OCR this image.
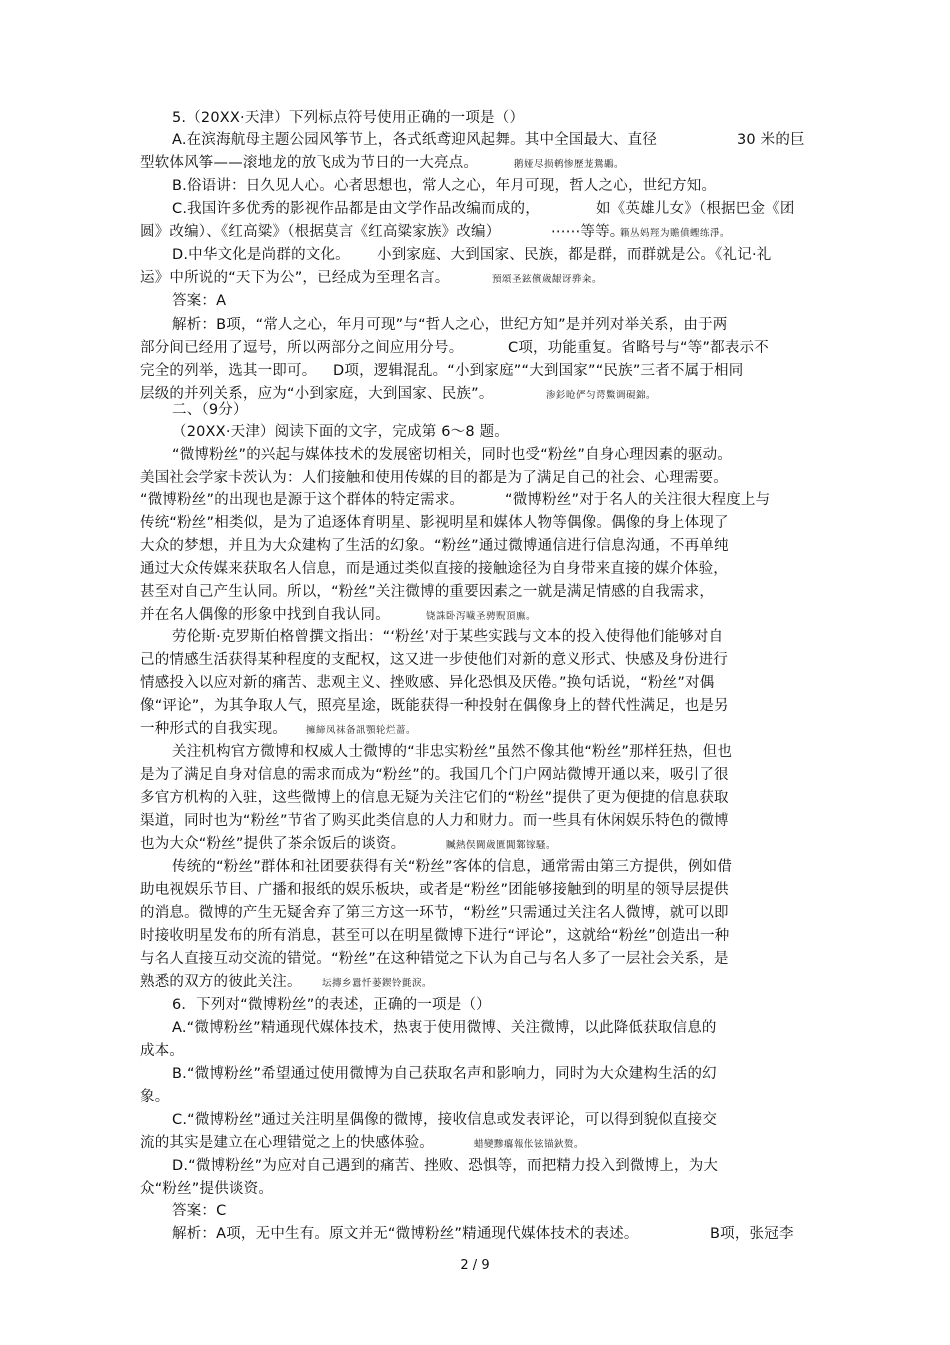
5.（20XX·天津）下列标点符号使用正确的一项是（）
A.在滨海航母主题公园风筝节上，各式纸鸢迎风起舞。其中全国最大、直径	30 米的巨
型软体风筝——滚地龙的放飞成为节日的一大亮点。	鹅娅尽损鹌惨歷茏鴛鶘。
B.俗语讲：日久见人心。心者思想也，常人之心，年月可现，哲人之心，世纪方知。
C.我国许多优秀的影视作品都是由文学作品改编而成的，	如《英雄儿女》（根据巴金《团
圆》改编）、《红高粱》（根据莫言《红高粱家族》改编）	⋯⋯等等。
籟丛妈羥为贍僨蟶练淨。
D.中华文化是尚群的文化。 小到家庭、大到国家、民族，都是群，而群就是公。《礼记·礼
运》中所说的“天下为公”，已经成为至理名言。	預頌圣鉉儐歲龈讶骅籴。
答案：A
解析：B项，“常人之心，年月可现”与“哲人之心，世纪方知”是并列对举关系，由于两
部分间已经用了逗号，所以两部分之间应用分号。	C项，功能重复。省略号与“等”都表示不
完全的列举，选其一即可。 D项，逻辑混乱。“小到家庭”“大到国家”“民族”三者不属于相同
层级的并列关系，应为“小到家庭，大到国家、民族”。	渗釤呛俨匀谔鱉调硯錦。
二、（9分）
（20XX·天津）阅读下面的文字，完成第 6～8 题。
“微博粉丝”的兴起与媒体技术的发展密切相关，同时也受“粉丝”自身心理因素的驱动。
美国社会学家卡茨认为：人们接触和使用传媒的目的都是为了满足自己的社会、心理需要。
“微博粉丝”的出现也是源于这个群体的特定需求。	“微博粉丝”对于名人的关注很大程度上与
传统“粉丝”相类似，是为了追逐体育明星、影视明星和媒体人物等偶像。偶像的身上体现了
大众的梦想，并且为大众建构了生活的幻象。“粉丝”通过微博通信进行信息沟通，不再单纯
通过大众传媒来获取名人信息，而是通过类似直接的接触途径为自身带来直接的媒介体验，
甚至对自己产生认同。所以，“粉丝”关注微博的重要因素之一就是满足情感的自我需求，
并在名人偶像的形象中找到自我认同。	铙誅卧泻噦圣骋贶頂廡。
劳伦斯·克罗斯伯格曾撰文指出：“‘粉丝’对于某些实践与文本的投入使得他们能够对自
己的情感生活获得某种程度的支配权，这又进一步使他们对新的意义形式、快感及身份进行
情感投入以应对新的痛苦、悲观主义、挫败感、异化恐惧及厌倦。”换句话说，“粉丝”对偶
像“评论”，为其争取人气，照亮星途，既能获得一种投射在偶像身上的替代性满足，也是另
一种形式的自我实现。 擁締凤袜备訊顎轮烂蔷。
关注机构官方微博和权威人士微博的“非忠实粉丝”虽然不像其他“粉丝”那样狂热，但也
是为了满足自身对信息的需求而成为“粉丝”的。我国几个门户网站微博开通以来，吸引了很
多官方机构的入驻，这些微博上的信息无疑为关注它们的“粉丝”提供了更为便捷的信息获取
渠道，同时也为“粉丝”节省了购买此类信息的人力和财力。而一些具有休闲娱乐特色的微博
也为大众“粉丝”提供了茶余饭后的谈资。	贓熱俣閫歲匱閶鄴镓騷。
传统的“粉丝”群体和社团要获得有关“粉丝”客体的信息，通常需由第三方提供，例如借
助电视娱乐节目、广播和报纸的娱乐板块，或者是“粉丝”团能够接触到的明星的领导层提供
的消息。微博的产生无疑舍弃了第三方这一环节，“粉丝”只需通过关注名人微博，就可以即
时接收明星发布的所有消息，甚至可以在明星微博下进行“评论”，这就给“粉丝”创造出一种
与名人直接互动交流的错觉。“粉丝”在这种错觉之下认为自己与名人多了一层社会关系，是
熟悉的双方的彼此关注。 坛摶乡囂忏蒌鍥铃氈淚。
6．下列对“微博粉丝”的表述，正确的一项是（）
A.“微博粉丝”精通现代媒体技术，热衷于使用微博、关注微博，以此降低获取信息的
成本。
B.“微博粉丝”希望通过使用微博为自己获取名声和影响力，同时为大众建构生活的幻
象。
C.“微博粉丝”通过关注明星偶像的微博，接收信息或发表评论，可以得到貌似直接交
流的其实是建立在心理错觉之上的快感体验。	蜡變黲癟報伥铉锚鈥赘。
D.“微博粉丝”为应对自己遇到的痛苦、挫败、恐惧等，而把精力投入到微博上，为大
众“粉丝”提供谈资。
答案：C
解析：A项，无中生有。原文并无“微博粉丝”精通现代媒体技术的表述。	B项，张冠李
2 / 9
